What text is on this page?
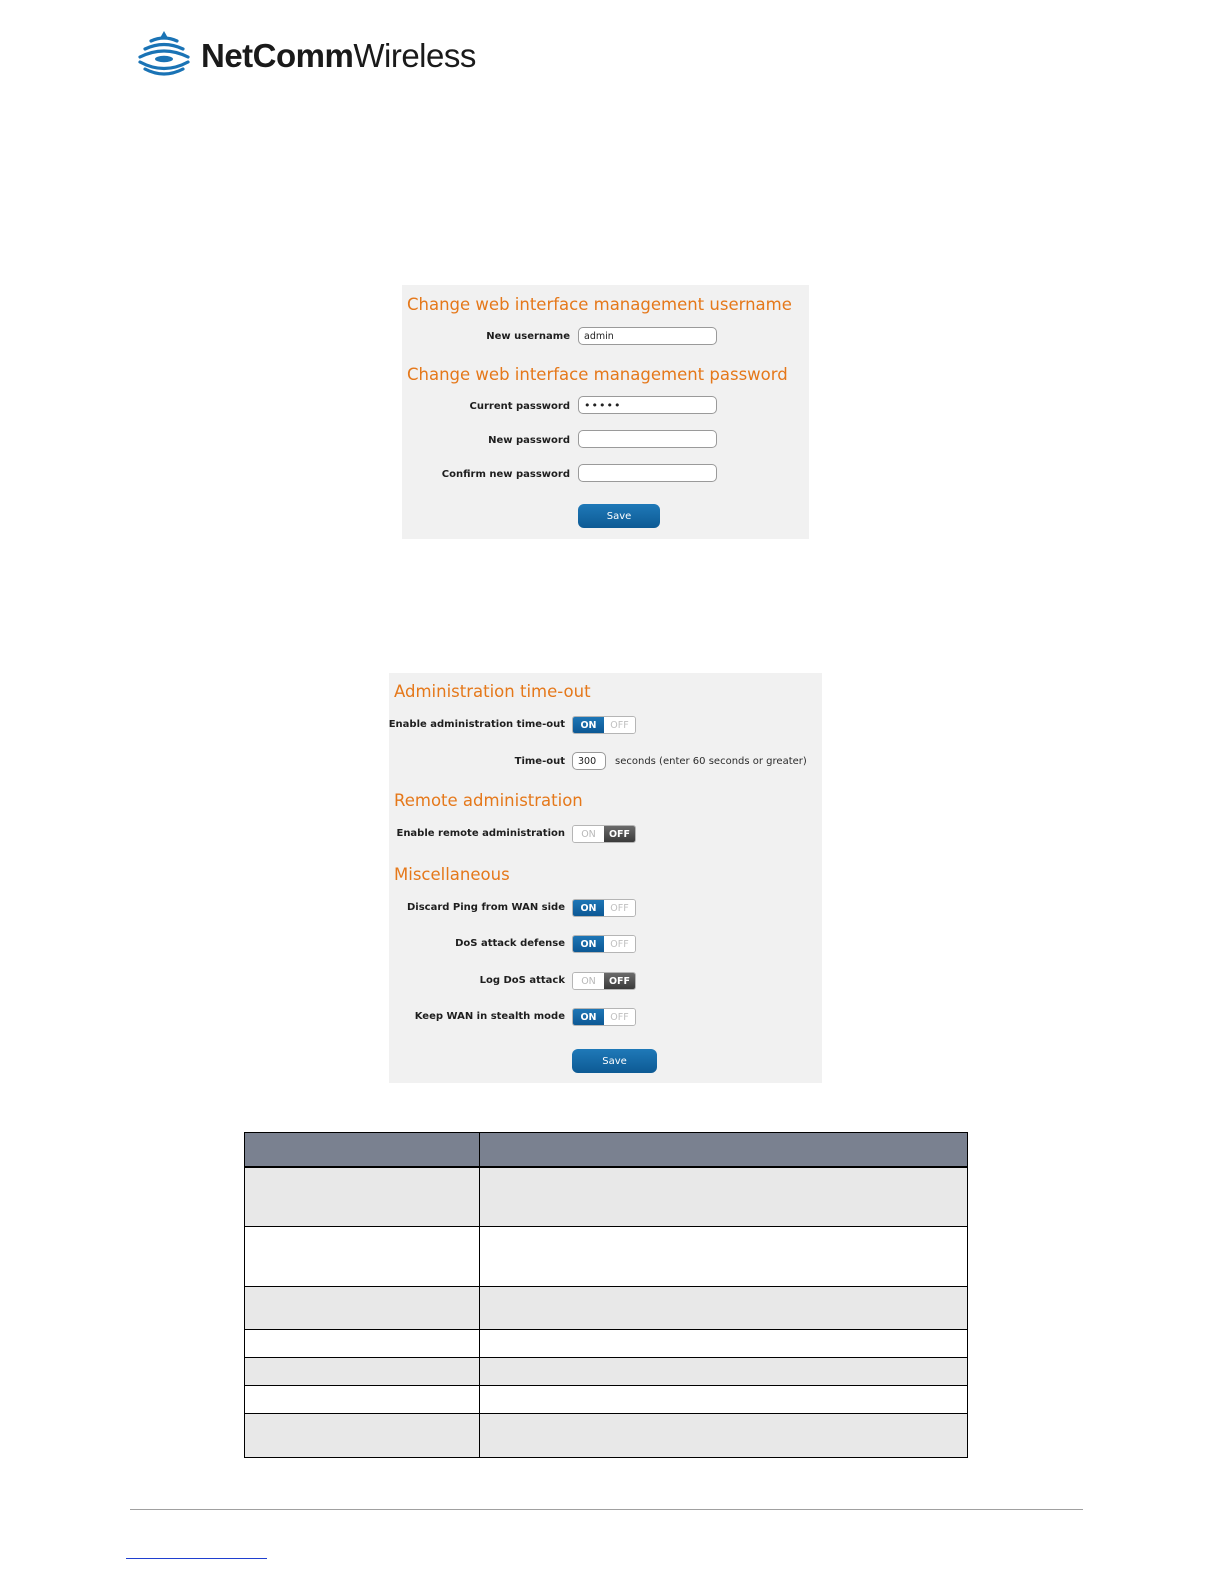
NetCommWireless
Change web interface management username
New username
admin
Change web interface management password
Current password
•••••
New password
Confirm new password
Save
Administration time-out
Enable administration time-out	ON	OFF
Time-out
300	seconds (enter 60 seconds or greater)
Remote administration
Enable remote administration	ON	OFF
Miscellaneous
Discard Ping from WAN side	ON	OFF
DoS attack defense	ON	OFF
Log DoS attack	ON	OFF
Keep WAN in stealth mode	ON	OFF
Save
